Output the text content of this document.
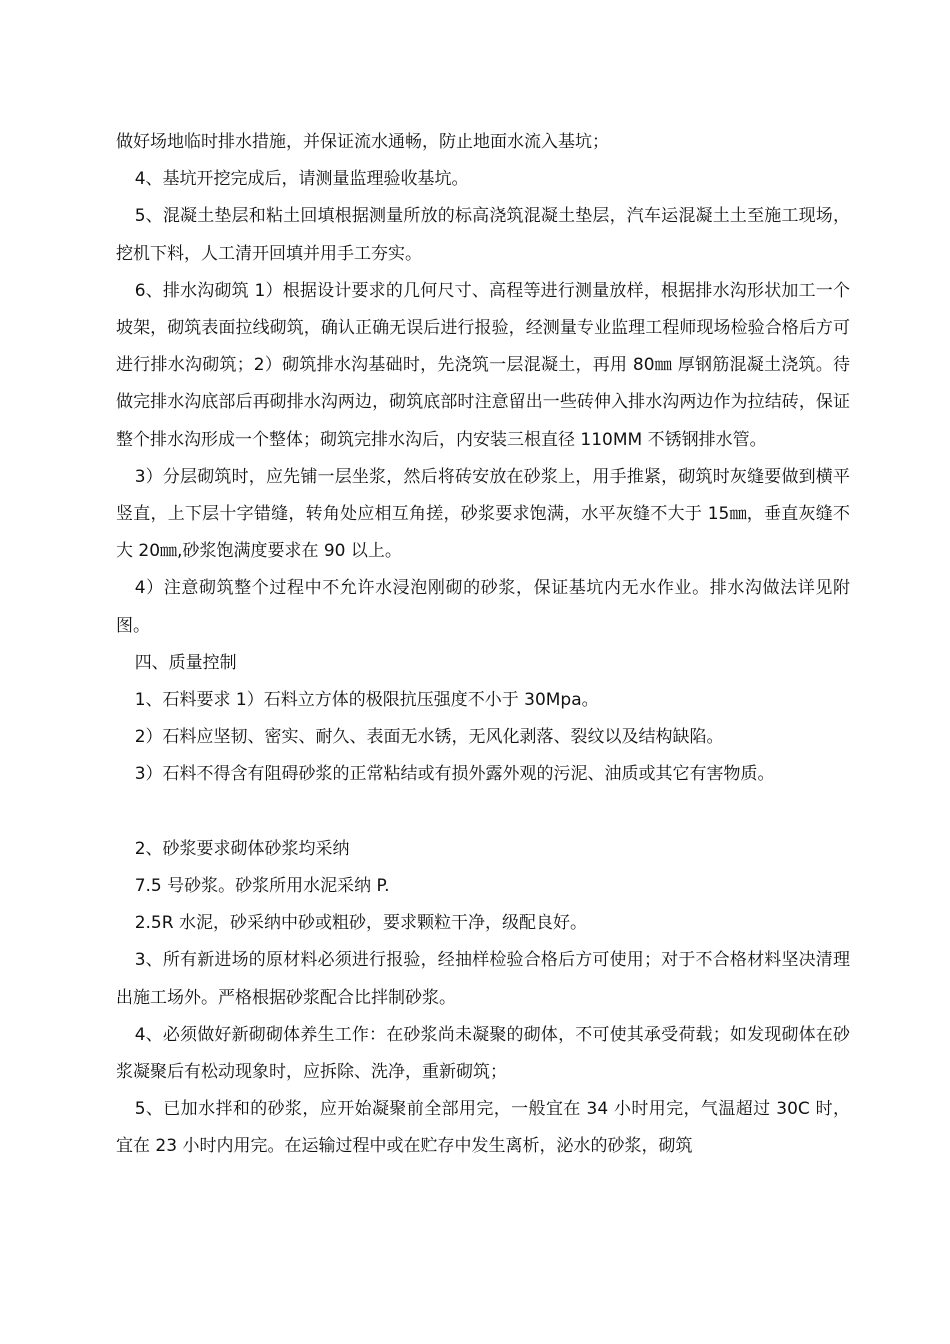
做好场地临时排水措施，并保证流水通畅，防止地面水流入基坑；

4、基坑开挖完成后，请测量监理验收基坑。

5、混凝土垫层和粘土回填根据测量所放的标高浇筑混凝土垫层，汽车运混凝土土至施工现场，挖机下料，人工清开回填并用手工夯实。

6、排水沟砌筑 1）根据设计要求的几何尺寸、高程等进行测量放样，根据排水沟形状加工一个坡架，砌筑表面拉线砌筑，确认正确无误后进行报验，经测量专业监理工程师现场检验合格后方可进行排水沟砌筑；2）砌筑排水沟基础时，先浇筑一层混凝土，再用 80㎜ 厚钢筋混凝土浇筑。待做完排水沟底部后再砌排水沟两边，砌筑底部时注意留出一些砖伸入排水沟两边作为拉结砖，保证整个排水沟形成一个整体；砌筑完排水沟后，内安装三根直径 110MM 不锈钢排水管。

3）分层砌筑时，应先铺一层坐浆，然后将砖安放在砂浆上，用手推紧，砌筑时灰缝要做到横平竖直，上下层十字错缝，转角处应相互角搓，砂浆要求饱满，水平灰缝不大于 15㎜，垂直灰缝不大 20㎜,砂浆饱满度要求在 90 以上。

4）注意砌筑整个过程中不允许水浸泡刚砌的砂浆，保证基坑内无水作业。排水沟做法详见附图。

四、质量控制

1、石料要求 1）石料立方体的极限抗压强度不小于 30Mpa。

2）石料应坚韧、密实、耐久、表面无水锈，无风化剥落、裂纹以及结构缺陷。

3）石料不得含有阻碍砂浆的正常粘结或有损外露外观的污泥、油质或其它有害物质。

2、砂浆要求砌体砂浆均采纳

7.5 号砂浆。砂浆所用水泥采纳 P.

2.5R 水泥，砂采纳中砂或粗砂，要求颗粒干净，级配良好。

3、所有新进场的原材料必须进行报验，经抽样检验合格后方可使用；对于不合格材料坚决清理出施工场外。严格根据砂浆配合比拌制砂浆。

4、必须做好新砌砌体养生工作：在砂浆尚未凝聚的砌体，不可使其承受荷载；如发现砌体在砂浆凝聚后有松动现象时，应拆除、洗净，重新砌筑；

5、已加水拌和的砂浆，应开始凝聚前全部用完，一般宜在 34 小时用完，气温超过 30C 时，宜在 23 小时内用完。在运输过程中或在贮存中发生离析，泌水的砂浆，砌筑
